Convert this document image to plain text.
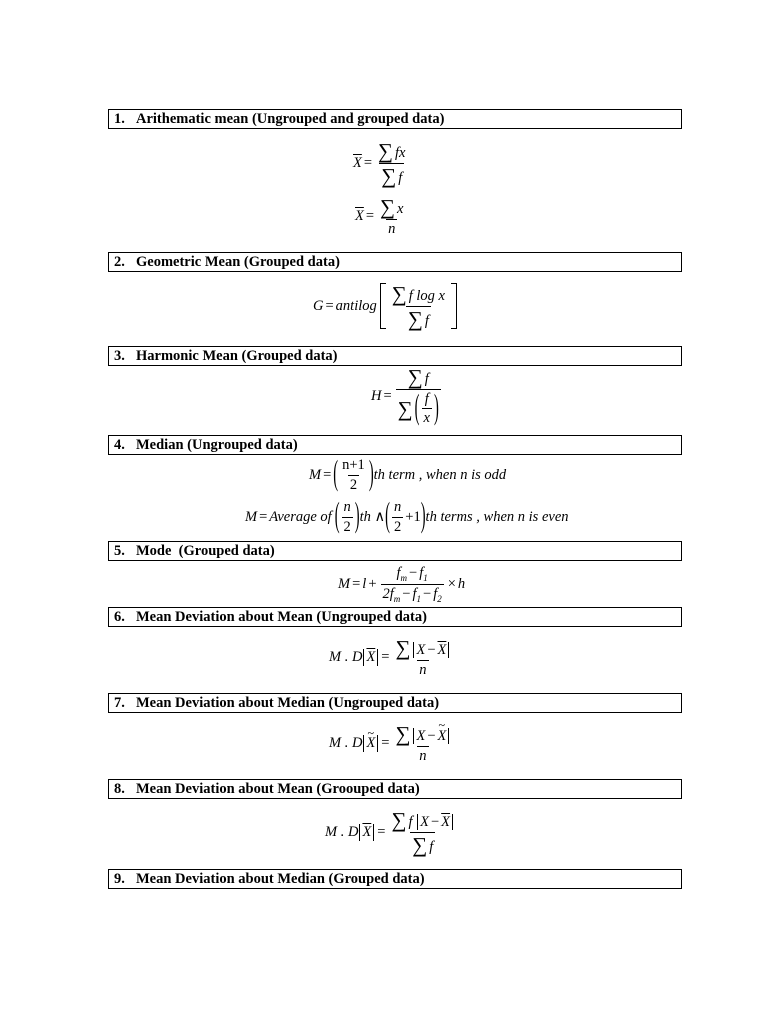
1. Arithematic mean (Ungrouped and grouped data)
2. Geometric Mean (Grouped data)
3. Harmonic Mean (Grouped data)
4. Median (Ungrouped data)
5. Mode  (Grouped data)
6. Mean Deviation about Mean (Ungrouped data)
7. Mean Deviation about Median (Ungrouped data)
8. Mean Deviation about Mean (Groouped data)
9. Mean Deviation about Median (Grouped data)
$\overline{X} = \frac{\sum fx}{\sum f}$
$\overline{X} = \frac{\sum x}{n}$
G = antilog $\frac{\text{∑ f log x}}{\sum f}$
$H = \frac{\sum f}{\sum ( \frac{f}{x} )}$
M = ( $\frac{n+1}{2}$ ) th term , when n is odd
M = Average of ( $\frac{n}{2}$ ) th ∧ ( $\frac{n}{2} +1$ ) th terms , when n is even
$M = l + \frac{f_m - f_1}{2f_m - f_1 - f_2} \times h$
M . D $\overline{X} = \frac{\sum X - \overline{X}}{n}$
M . D ~ $X = \frac{\sum X - \sim X}{n}$
M . D $\overline{X} = \frac{\sum f X - \overline{X}}{\sum f}$
